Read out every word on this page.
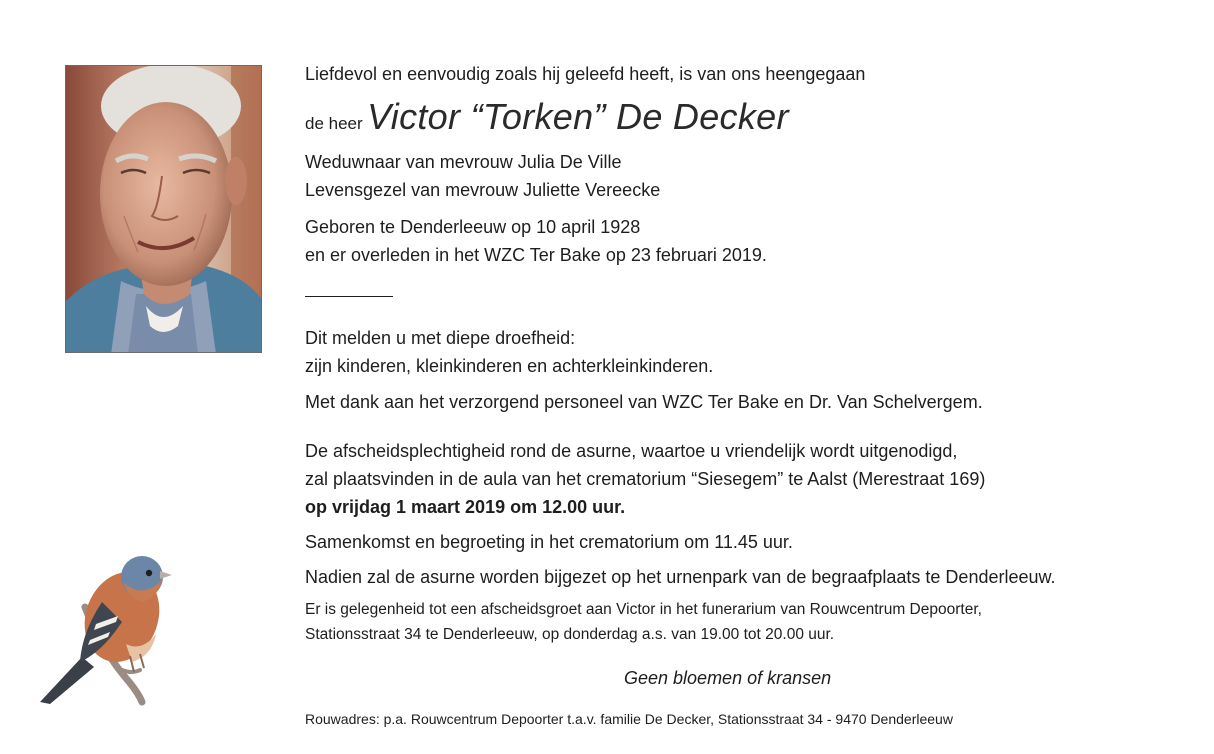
Liefdevol en eenvoudig zoals hij geleefd heeft, is van ons heengegaan

de heer Victor “Torken” De Decker

Weduwnaar van mevrouw Julia De Ville

Levensgezel van mevrouw Juliette Vereecke

Geboren te Denderleeuw op 10 april 1928

en er overleden in het WZC Ter Bake op 23 februari 2019.

Dit melden u met diepe droefheid:

zijn kinderen, kleinkinderen en achterkleinkinderen.

Met dank aan het verzorgend personeel van WZC Ter Bake en Dr. Van Schelvergem.

De afscheidsplechtigheid rond de asurne, waartoe u vriendelijk wordt uitgenodigd,

zal plaatsvinden in de aula van het crematorium “Siesegem” te Aalst (Merestraat 169)

op vrijdag 1 maart 2019 om 12.00 uur.

Samenkomst en begroeting in het crematorium om 11.45 uur.

Nadien zal de asurne worden bijgezet op het urnenpark van de begraafplaats te Denderleeuw.

Er is gelegenheid tot een afscheidsgroet aan Victor in het funerarium van Rouwcentrum Depoorter,

Stationsstraat 34 te Denderleeuw, op donderdag a.s. van 19.00 tot 20.00 uur.

Geen bloemen of kransen

Rouwadres: p.a. Rouwcentrum Depoorter t.a.v. familie De Decker, Stationsstraat 34 - 9470 Denderleeuw
